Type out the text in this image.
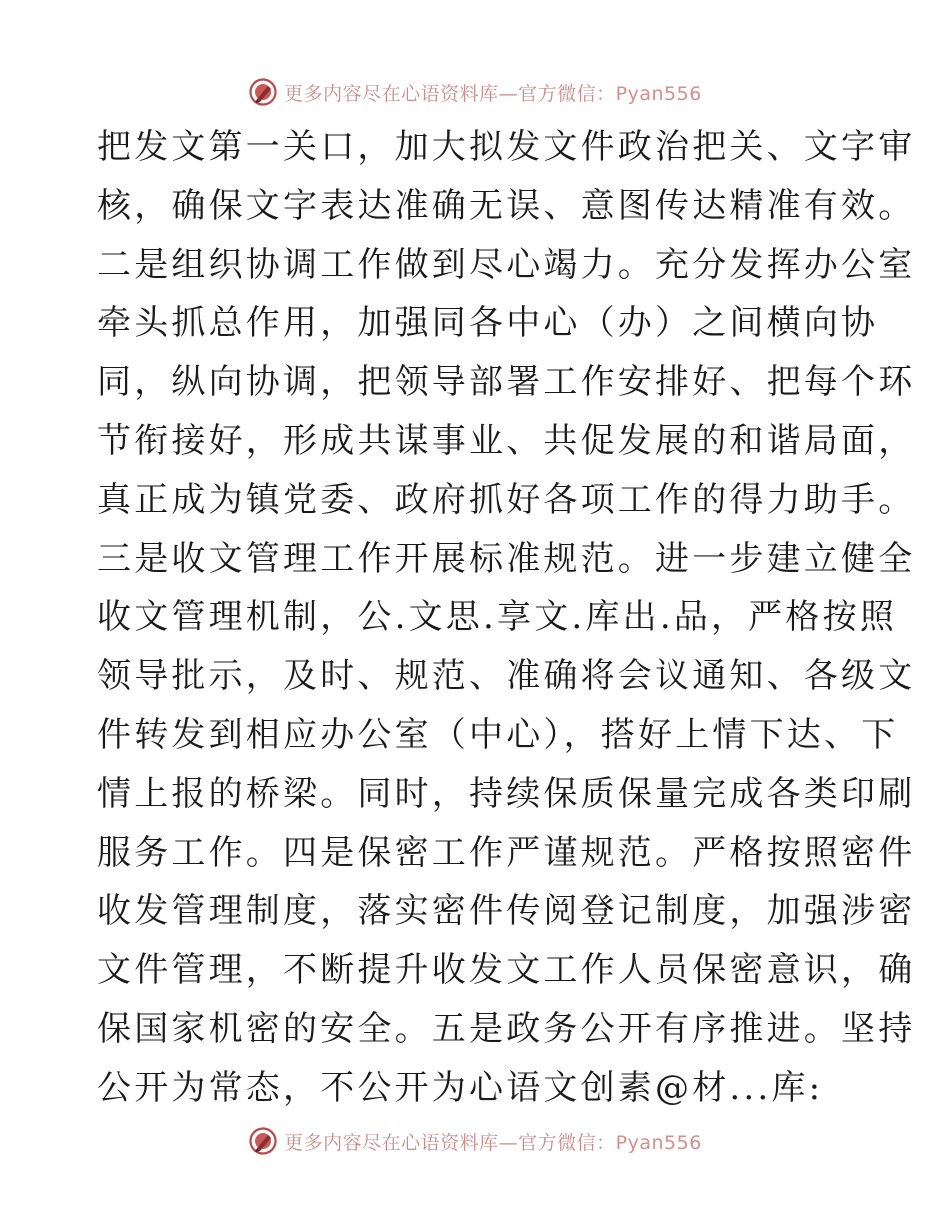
更多内容尽在心语资料库—官方微信：Pyan556
把发文第一关口，加大拟发文件政治把关、文字审
核，确保文字表达准确无误、意图传达精准有效。
二是组织协调工作做到尽心竭力。充分发挥办公室
牵头抓总作用，加强同各中心（办）之间横向协
同，纵向协调，把领导部署工作安排好、把每个环
节衔接好，形成共谋事业、共促发展的和谐局面，
真正成为镇党委、政府抓好各项工作的得力助手。
三是收文管理工作开展标准规范。进一步建立健全
收文管理机制，公.文思.享文.库出.品，严格按照
领导批示，及时、规范、准确将会议通知、各级文
件转发到相应办公室（中心），搭好上情下达、下
情上报的桥梁。同时，持续保质保量完成各类印刷
服务工作。四是保密工作严谨规范。严格按照密件
收发管理制度，落实密件传阅登记制度，加强涉密
文件管理，不断提升收发文工作人员保密意识，确
保国家机密的安全。五是政务公开有序推进。坚持
公开为常态，不公开为心语文创素@材...库:
更多内容尽在心语资料库—官方微信：Pyan556
